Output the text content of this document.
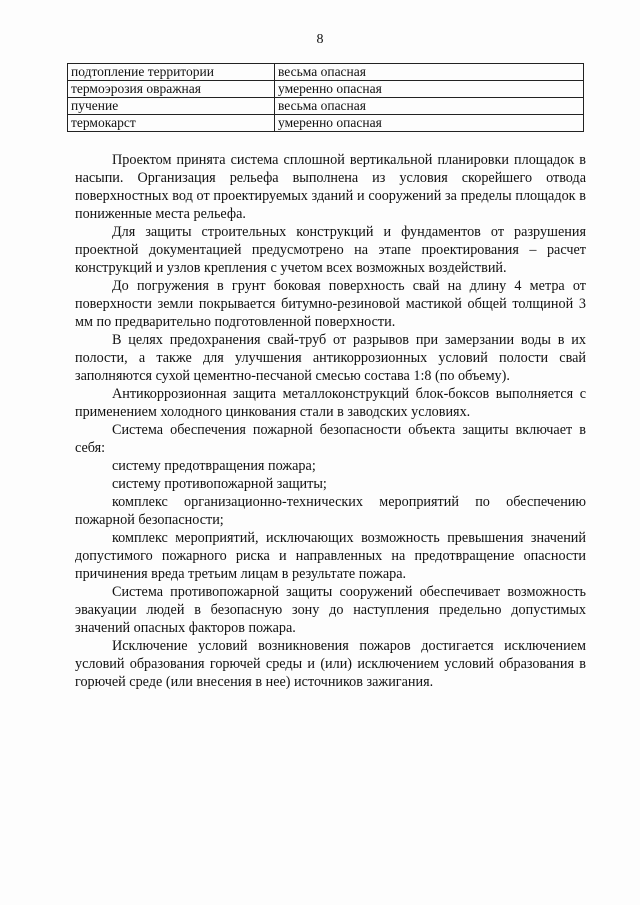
8
подтопление территории	весьма опасная
термоэрозия овражная	умеренно опасная
пучение	весьма опасная
термокарст	умеренно опасная

Проектом принята система сплошной вертикальной планировки площадок в насыпи. Организация рельефа выполнена из условия скорейшего отвода поверхностных вод от проектируемых зданий и сооружений за пределы площадок в пониженные места рельефа.

Для защиты строительных конструкций и фундаментов от разрушения проектной документацией предусмотрено на этапе проектирования – расчет конструкций и узлов крепления с учетом всех возможных воздействий.

До погружения в грунт боковая поверхность свай на длину 4 метра от поверхности земли покрывается битумно-резиновой мастикой общей толщиной 3 мм по предварительно подготовленной поверхности.

В целях предохранения свай-труб от разрывов при замерзании воды в их полости, а также для улучшения антикоррозионных условий полости свай заполняются сухой цементно-песчаной смесью состава 1:8 (по объему).

Антикоррозионная защита металлоконструкций блок-боксов выполняется с применением холодного цинкования стали в заводских условиях.

Система обеспечения пожарной безопасности объекта защиты включает в себя:

систему предотвращения пожара;

систему противопожарной защиты;

комплекс организационно-технических мероприятий по обеспечению пожарной безопасности;

комплекс мероприятий, исключающих возможность превышения значений допустимого пожарного риска и направленных на предотвращение опасности причинения вреда третьим лицам в результате пожара.

Система противопожарной защиты сооружений обеспечивает возможность эвакуации людей в безопасную зону до наступления предельно допустимых значений опасных факторов пожара.

Исключение условий возникновения пожаров достигается исключением условий образования горючей среды и (или) исключением условий образования в горючей среде (или внесения в нее) источников зажигания.
